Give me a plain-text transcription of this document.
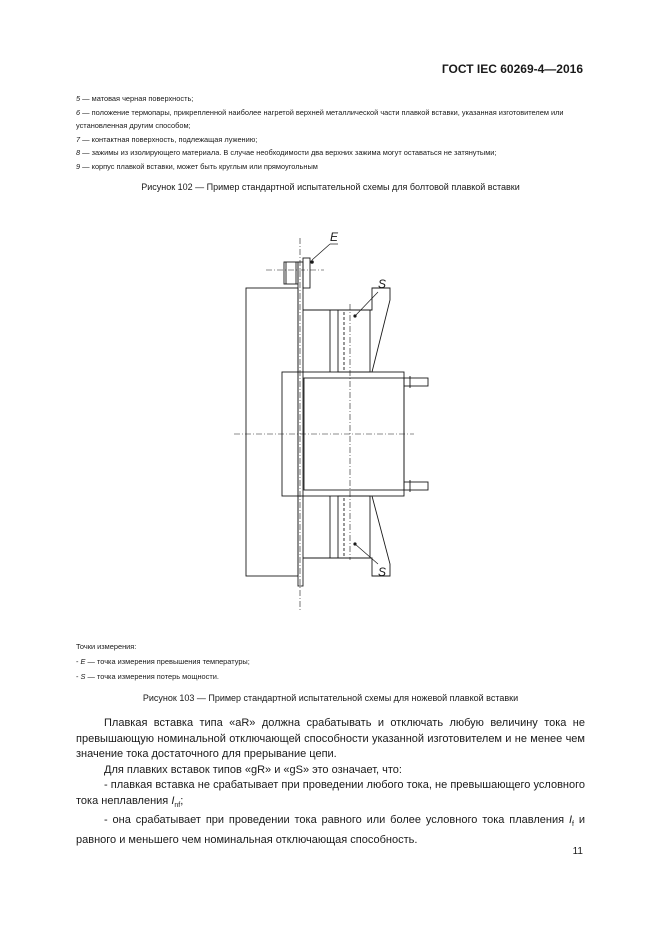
ГОСТ IEC 60269-4—2016

5 — матовая черная поверхность;

6 — положение термопары, прикрепленной наиболее нагретой верхней металлической части плавкой вставки, указанная изготовителем или установленная другим способом;

7 — контактная поверхность, подлежащая лужению;

8 — зажимы из изолирующего материала. В случае необходимости два верхних зажима могут оставаться не затянутыми;

9 — корпус плавкой вставки, может быть круглым или прямоугольным

Рисунок 102 — Пример стандартной испытательной схемы для болтовой плавкой вставки
E
S
S
Точки измерения:
- E — точка измерения превышения температуры;
- S — точка измерения потерь мощности.
Рисунок 103 — Пример стандартной испытательной схемы для ножевой плавкой вставки

Плавкая вставка типа «aR» должна срабатывать и отключать любую величину тока не превышающую номинальной отключающей способности указанной изготовителем и не менее чем значение тока достаточного для прерывание цепи.

Для плавких вставок типов «gR» и «gS» это означает, что:

- плавкая вставка не срабатывает при проведении любого тока, не превышающего условного тока неплавления $I_{nf}$;

- она срабатывает при проведении тока равного или более условного тока плавления $I_f$ и равного и меньшего чем номинальная отключающая способность.

11
